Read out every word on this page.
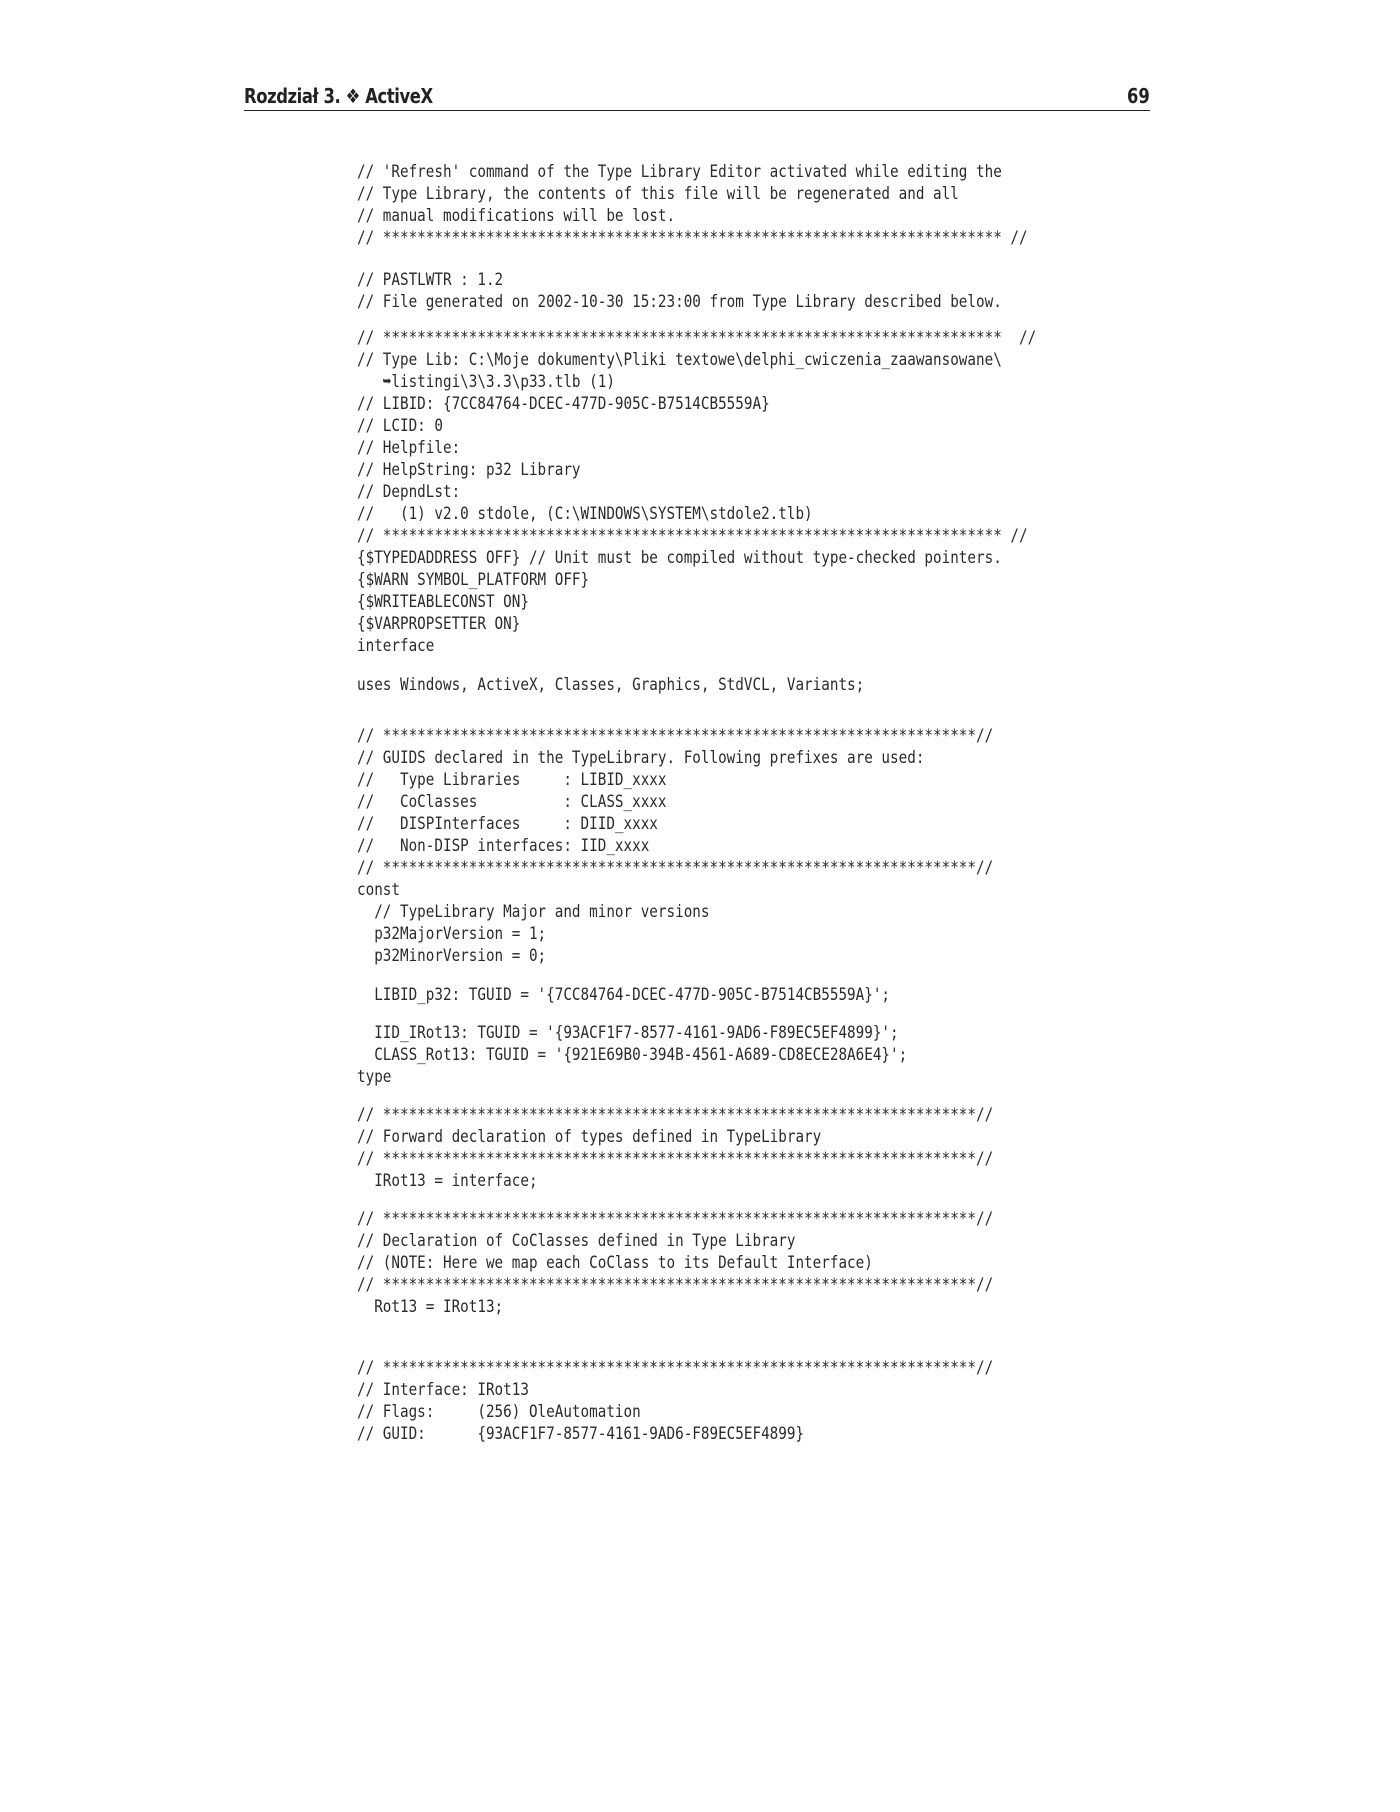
Rozdział 3. ❖ ActiveX	69
// 'Refresh' command of the Type Library Editor activated while editing the
// Type Library, the contents of this file will be regenerated and all
// manual modifications will be lost.
// ************************************************************************ //
// PASTLWTR : 1.2
// File generated on 2002-10-30 15:23:00 from Type Library described below.
// ************************************************************************  //
// Type Lib: C:\Moje dokumenty\Pliki textowe\delphi_cwiczenia_zaawansowane\
➥listingi\3\3.3\p33.tlb (1)
// LIBID: {7CC84764-DCEC-477D-905C-B7514CB5559A}
// LCID: 0
// Helpfile:
// HelpString: p32 Library
// DepndLst:
//   (1) v2.0 stdole, (C:\WINDOWS\SYSTEM\stdole2.tlb)
// ************************************************************************ //
{$TYPEDADDRESS OFF} // Unit must be compiled without type-checked pointers.
{$WARN SYMBOL_PLATFORM OFF}
{$WRITEABLECONST ON}
{$VARPROPSETTER ON}
interface
uses Windows, ActiveX, Classes, Graphics, StdVCL, Variants;
// *********************************************************************//
// GUIDS declared in the TypeLibrary. Following prefixes are used:
//   Type Libraries     : LIBID_xxxx
//   CoClasses          : CLASS_xxxx
//   DISPInterfaces     : DIID_xxxx
//   Non-DISP interfaces: IID_xxxx
// *********************************************************************//
const
// TypeLibrary Major and minor versions
p32MajorVersion = 1;
p32MinorVersion = 0;
LIBID_p32: TGUID = '{7CC84764-DCEC-477D-905C-B7514CB5559A}';
IID_IRot13: TGUID = '{93ACF1F7-8577-4161-9AD6-F89EC5EF4899}';
CLASS_Rot13: TGUID = '{921E69B0-394B-4561-A689-CD8ECE28A6E4}';
type
// *********************************************************************//
// Forward declaration of types defined in TypeLibrary
// *********************************************************************//
IRot13 = interface;
// *********************************************************************//
// Declaration of CoClasses defined in Type Library
// (NOTE: Here we map each CoClass to its Default Interface)
// *********************************************************************//
Rot13 = IRot13;
// *********************************************************************//
// Interface: IRot13
// Flags:     (256) OleAutomation
// GUID:      {93ACF1F7-8577-4161-9AD6-F89EC5EF4899}
